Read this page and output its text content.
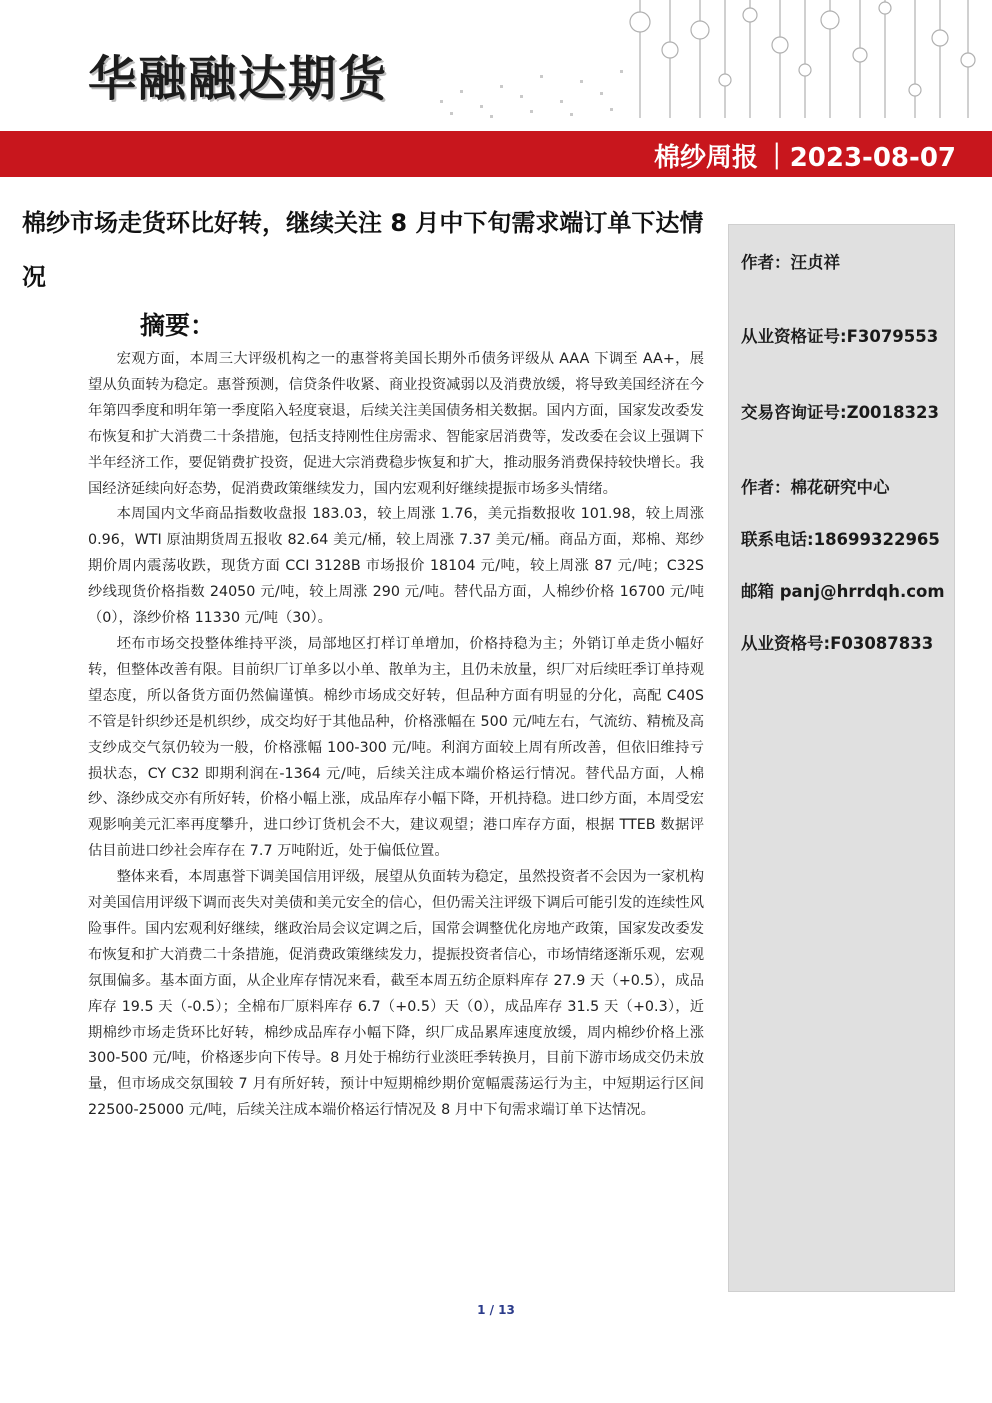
华融融达期货
棉纱周报 ｜2023-08-07
棉纱市场走货环比好转，继续关注 8 月中下旬需求端订单下达情况
摘要：

宏观方面，本周三大评级机构之一的惠誉将美国长期外币债务评级从 AAA 下调至 AA+，展望从负面转为稳定。惠誉预测，信贷条件收紧、商业投资减弱以及消费放缓，将导致美国经济在今年第四季度和明年第一季度陷入轻度衰退，后续关注美国债务相关数据。国内方面，国家发改委发布恢复和扩大消费二十条措施，包括支持刚性住房需求、智能家居消费等，发改委在会议上强调下半年经济工作，要促销费扩投资，促进大宗消费稳步恢复和扩大，推动服务消费保持较快增长。我国经济延续向好态势，促消费政策继续发力，国内宏观利好继续提振市场多头情绪。

本周国内文华商品指数收盘报 183.03，较上周涨 1.76，美元指数报收 101.98，较上周涨 0.96，WTI 原油期货周五报收 82.64 美元/桶，较上周涨 7.37 美元/桶。商品方面，郑棉、郑纱期价周内震荡收跌，现货方面 CCI 3128B 市场报价 18104 元/吨，较上周涨 87 元/吨；C32S 纱线现货价格指数 24050 元/吨，较上周涨 290 元/吨。替代品方面，人棉纱价格 16700 元/吨（0），涤纱价格 11330 元/吨（30）。

坯布市场交投整体维持平淡，局部地区打样订单增加，价格持稳为主；外销订单走货小幅好转，但整体改善有限。目前织厂订单多以小单、散单为主，且仍未放量，织厂对后续旺季订单持观望态度，所以备货方面仍然偏谨慎。棉纱市场成交好转，但品种方面有明显的分化，高配 C40S 不管是针织纱还是机织纱，成交均好于其他品种，价格涨幅在 500 元/吨左右，气流纺、精梳及高支纱成交气氛仍较为一般，价格涨幅 100-300 元/吨。利润方面较上周有所改善，但依旧维持亏损状态，CY C32 即期利润在-1364 元/吨，后续关注成本端价格运行情况。替代品方面，人棉纱、涤纱成交亦有所好转，价格小幅上涨，成品库存小幅下降，开机持稳。进口纱方面，本周受宏观影响美元汇率再度攀升，进口纱订货机会不大，建议观望；港口库存方面，根据 TTEB 数据评估目前进口纱社会库存在 7.7 万吨附近，处于偏低位置。

整体来看，本周惠誉下调美国信用评级，展望从负面转为稳定，虽然投资者不会因为一家机构对美国信用评级下调而丧失对美债和美元安全的信心，但仍需关注评级下调后可能引发的连续性风险事件。国内宏观利好继续，继政治局会议定调之后，国常会调整优化房地产政策，国家发改委发布恢复和扩大消费二十条措施，促消费政策继续发力，提振投资者信心，市场情绪逐渐乐观，宏观氛围偏多。基本面方面，从企业库存情况来看，截至本周五纺企原料库存 27.9 天（+0.5），成品库存 19.5 天（-0.5）；全棉布厂原料库存 6.7（+0.5）天（0），成品库存 31.5 天（+0.3），近期棉纱市场走货环比好转，棉纱成品库存小幅下降，织厂成品累库速度放缓，周内棉纱价格上涨 300-500 元/吨，价格逐步向下传导。8 月处于棉纺行业淡旺季转换月，目前下游市场成交仍未放量，但市场成交氛围较 7 月有所好转，预计中短期棉纱期价宽幅震荡运行为主，中短期运行区间 22500-25000 元/吨，后续关注成本端价格运行情况及 8 月中下旬需求端订单下达情况。

作者：汪贞祥
从业资格证号:F3079553
交易咨询证号:Z0018323
作者：棉花研究中心
联系电话:18699322965
邮箱 panj@hrrdqh.com
从业资格号:F03087833
1 / 13
